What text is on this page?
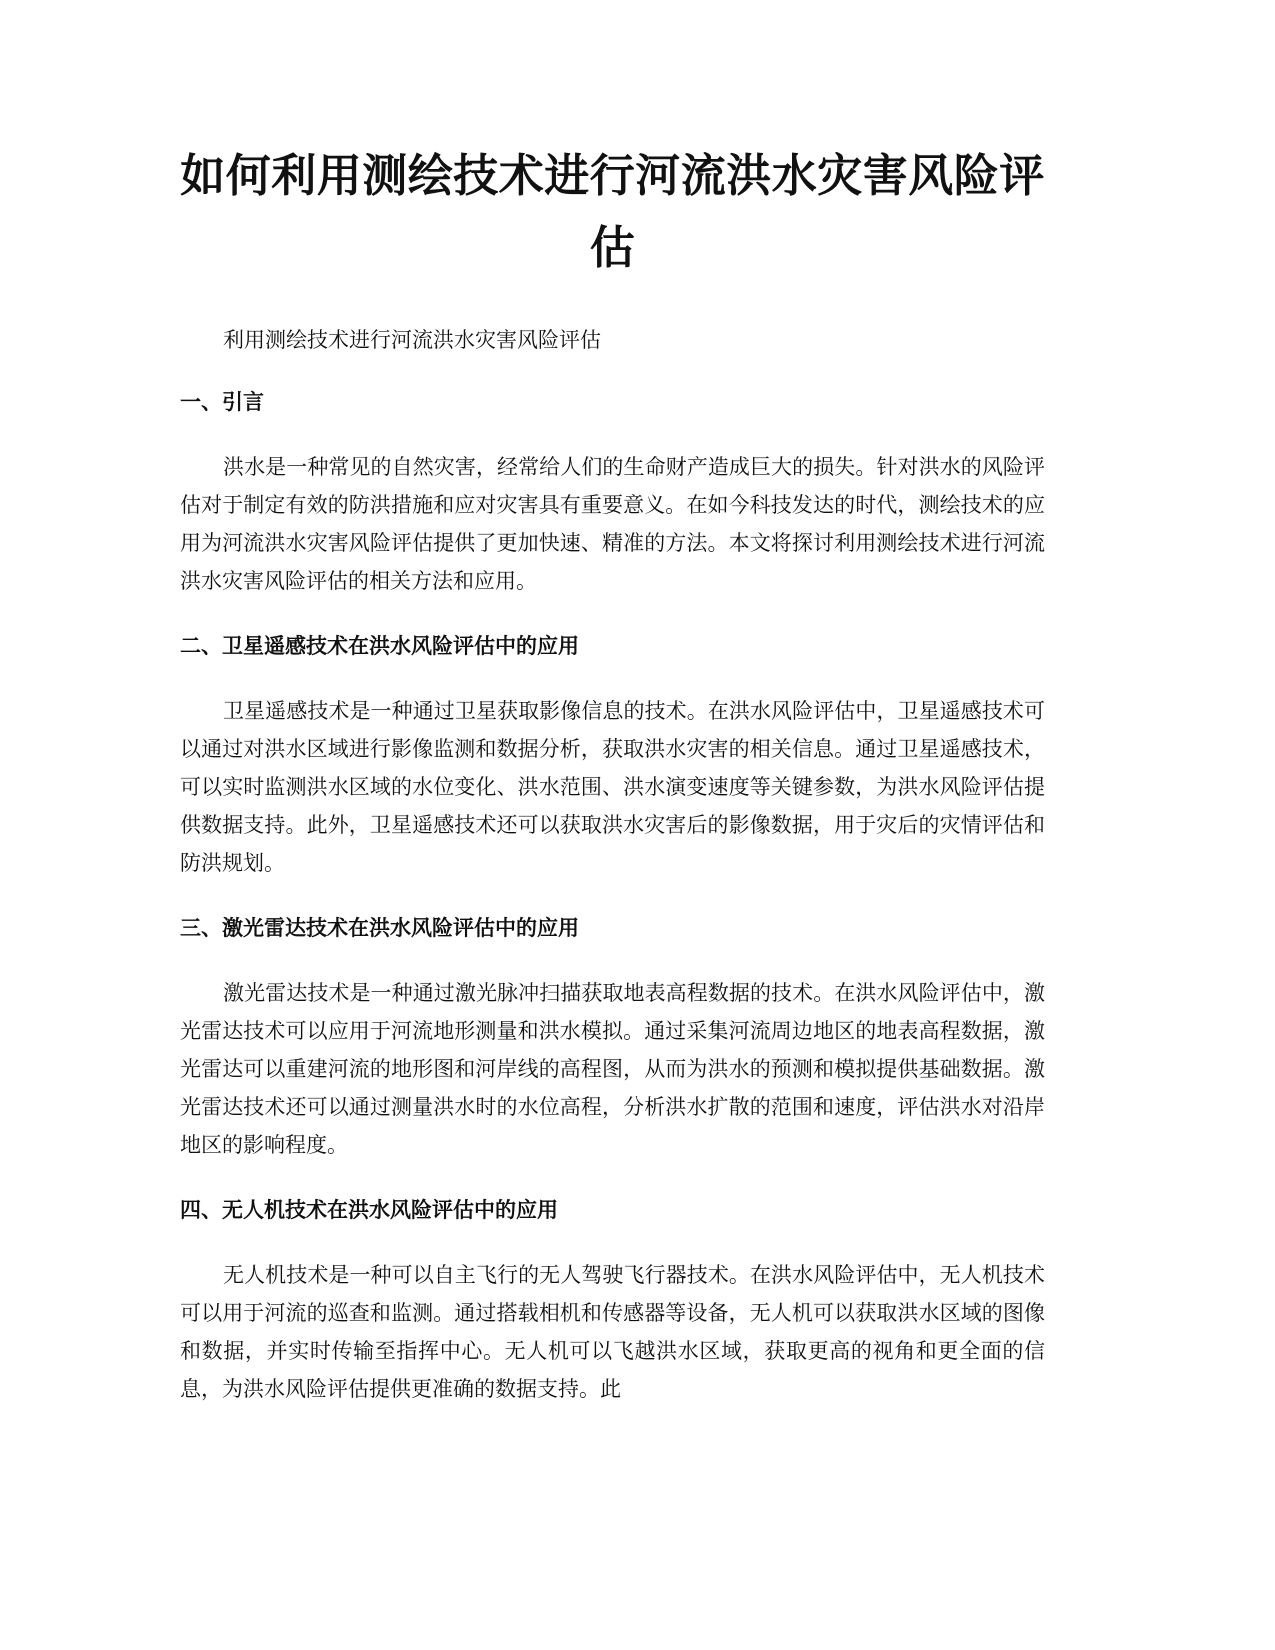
如何利用测绘技术进行河流洪水灾害风险评估

利用测绘技术进行河流洪水灾害风险评估

一、引言

洪水是一种常见的自然灾害，经常给人们的生命财产造成巨大的损失。针对洪水的风险评估对于制定有效的防洪措施和应对灾害具有重要意义。在如今科技发达的时代，测绘技术的应用为河流洪水灾害风险评估提供了更加快速、精准的方法。本文将探讨利用测绘技术进行河流洪水灾害风险评估的相关方法和应用。

二、卫星遥感技术在洪水风险评估中的应用

卫星遥感技术是一种通过卫星获取影像信息的技术。在洪水风险评估中，卫星遥感技术可以通过对洪水区域进行影像监测和数据分析，获取洪水灾害的相关信息。通过卫星遥感技术，可以实时监测洪水区域的水位变化、洪水范围、洪水演变速度等关键参数，为洪水风险评估提供数据支持。此外，卫星遥感技术还可以获取洪水灾害后的影像数据，用于灾后的灾情评估和防洪规划。

三、激光雷达技术在洪水风险评估中的应用

激光雷达技术是一种通过激光脉冲扫描获取地表高程数据的技术。在洪水风险评估中，激光雷达技术可以应用于河流地形测量和洪水模拟。通过采集河流周边地区的地表高程数据，激光雷达可以重建河流的地形图和河岸线的高程图，从而为洪水的预测和模拟提供基础数据。激光雷达技术还可以通过测量洪水时的水位高程，分析洪水扩散的范围和速度，评估洪水对沿岸地区的影响程度。

四、无人机技术在洪水风险评估中的应用

无人机技术是一种可以自主飞行的无人驾驶飞行器技术。在洪水风险评估中，无人机技术可以用于河流的巡查和监测。通过搭载相机和传感器等设备，无人机可以获取洪水区域的图像和数据，并实时传输至指挥中心。无人机可以飞越洪水区域，获取更高的视角和更全面的信息，为洪水风险评估提供更准确的数据支持。此
